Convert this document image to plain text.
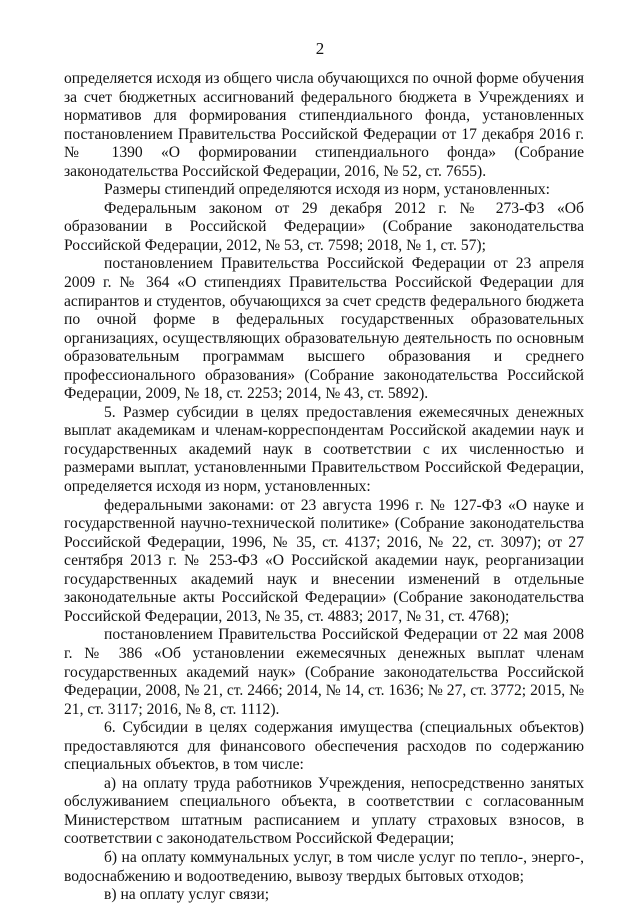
2

определяется исходя из общего числа обучающихся по очной форме обучения за счет бюджетных ассигнований федерального бюджета в Учреждениях и нормативов для формирования стипендиального фонда, установленных постановлением Правительства Российской Федерации от 17 декабря 2016 г. № 1390 «О формировании стипендиального фонда» (Собрание законодательства Российской Федерации, 2016, № 52, ст. 7655).

Размеры стипендий определяются исходя из норм, установленных:

Федеральным законом от 29 декабря 2012 г. № 273-ФЗ «Об образовании в Российской Федерации» (Собрание законодательства Российской Федерации, 2012, № 53, ст. 7598; 2018, № 1, ст. 57);

постановлением Правительства Российской Федерации от 23 апреля 2009 г. № 364 «О стипендиях Правительства Российской Федерации для аспирантов и студентов, обучающихся за счет средств федерального бюджета по очной форме в федеральных государственных образовательных организациях, осуществляющих образовательную деятельность по основным образовательным программам высшего образования и среднего профессионального образования» (Собрание законодательства Российской Федерации, 2009, № 18, ст. 2253; 2014, № 43, ст. 5892).

5. Размер субсидии в целях предоставления ежемесячных денежных выплат академикам и членам-корреспондентам Российской академии наук и государственных академий наук в соответствии с их численностью и размерами выплат, установленными Правительством Российской Федерации, определяется исходя из норм, установленных:

федеральными законами: от 23 августа 1996 г. № 127-ФЗ «О науке и государственной научно-технической политике» (Собрание законодательства Российской Федерации, 1996, № 35, ст. 4137; 2016, № 22, ст. 3097); от 27 сентября 2013 г. № 253-ФЗ «О Российской академии наук, реорганизации государственных академий наук и внесении изменений в отдельные законодательные акты Российской Федерации» (Собрание законодательства Российской Федерации, 2013, № 35, ст. 4883; 2017, № 31, ст. 4768);

постановлением Правительства Российской Федерации от 22 мая 2008 г. № 386 «Об установлении ежемесячных денежных выплат членам государственных академий наук» (Собрание законодательства Российской Федерации, 2008, № 21, ст. 2466; 2014, № 14, ст. 1636; № 27, ст. 3772; 2015, № 21, ст. 3117; 2016, № 8, ст. 1112).

6. Субсидии в целях содержания имущества (специальных объектов) предоставляются для финансового обеспечения расходов по содержанию специальных объектов, в том числе:

а) на оплату труда работников Учреждения, непосредственно занятых обслуживанием специального объекта, в соответствии с согласованным Министерством штатным расписанием и уплату страховых взносов, в соответствии с законодательством Российской Федерации;

б) на оплату коммунальных услуг, в том числе услуг по тепло-, энерго-, водоснабжению и водоотведению, вывозу твердых бытовых отходов;

в) на оплату услуг связи;
